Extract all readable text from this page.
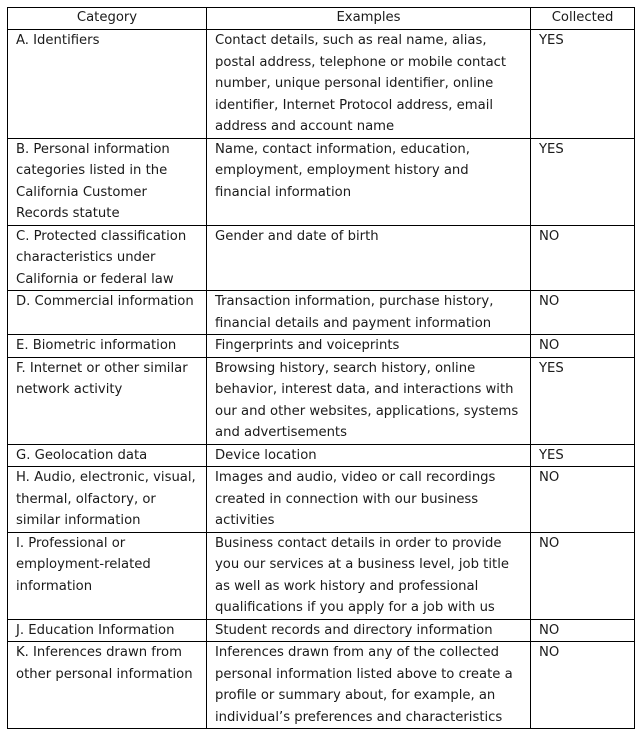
Category	Examples	Collected
A. Identifiers	Contact details, such as real name, alias, postal address, telephone or mobile contact number, unique personal identifier, online identifier, Internet Protocol address, email address and account name	YES
B. Personal information categories listed in the California Customer Records statute	Name, contact information, education, employment, employment history and financial information	YES
C. Protected classification characteristics under California or federal law	Gender and date of birth	NO
D. Commercial information	Transaction information, purchase history, financial details and payment information	NO
E. Biometric information	Fingerprints and voiceprints	NO
F. Internet or other similar network activity	Browsing history, search history, online behavior, interest data, and interactions with our and other websites, applications, systems and advertisements	YES
G. Geolocation data	Device location	YES
H. Audio, electronic, visual, thermal, olfactory, or similar information	Images and audio, video or call recordings created in connection with our business activities	NO
I. Professional or employment-related information	Business contact details in order to provide you our services at a business level, job title as well as work history and professional qualifications if you apply for a job with us	NO
J. Education Information	Student records and directory information	NO
K. Inferences drawn from other personal information	Inferences drawn from any of the collected personal information listed above to create a profile or summary about, for example, an individual’s preferences and characteristics	NO
